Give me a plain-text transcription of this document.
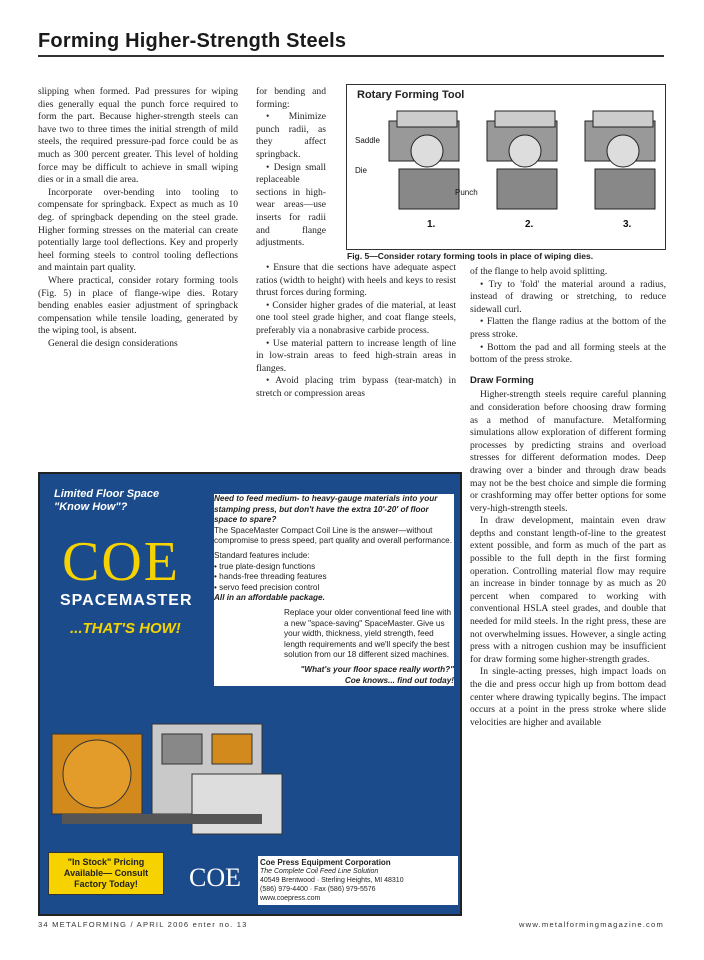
Forming Higher-Strength Steels

slipping when formed. Pad pressures for wiping dies generally equal the punch force required to form the part. Because higher-strength steels can have two to three times the initial strength of mild steels, the required pressure-pad force could be as much as 300 percent greater. This level of holding force may be difficult to achieve in small wiping dies or in a small die area.

Incorporate over-bending into tooling to compensate for springback. Expect as much as 10 deg. of springback depending on the steel grade. Higher forming stresses on the material can create potentially large tool deflections. Key and properly heel forming steels to control tooling deflections and maintain part quality.

Where practical, consider rotary forming tools (Fig. 5) in place of flange-wipe dies. Rotary bending enables easier adjustment of springback compensation while tensile loading, generated by the wiping tool, is absent.

General die design considerations

for bending and forming:

• Minimize punch radii, as they affect springback.

• Design small replaceable sections in high-wear areas—use inserts for radii and flange adjustments.

• Ensure that die sections have adequate aspect ratios (width to height) with heels and keys to resist thrust forces during forming.

• Consider higher grades of die material, at least one tool steel grade higher, and coat flange steels, preferably via a nonabrasive carbide process.

• Use material pattern to increase length of line in low-strain areas to feed high-strain areas in flanges.

• Avoid placing trim bypass (tear-match) in stretch or compression areas

Rotary Forming Tool
Saddle
Die
Punch
1.	2.	3.
Fig. 5—Consider rotary forming tools in place of wiping dies.

of the flange to help avoid splitting.

• Try to 'fold' the material around a radius, instead of drawing or stretching, to reduce sidewall curl.

• Flatten the flange radius at the bottom of the press stroke.

• Bottom the pad and all forming steels at the bottom of the press stroke.

Draw Forming

Higher-strength steels require careful planning and consideration before choosing draw forming as a method of manufacture. Metalforming simulations allow exploration of different forming processes by predicting strains and overload stresses for different deformation modes. Deep drawing over a binder and through draw beads may not be the best choice and simple die forming or crashforming may offer better options for some very-high-strength steels.

In draw development, maintain even draw depths and constant length-of-line to the greatest extent possible, and form as much of the part as possible to the full depth in the first forming operation. Controlling material flow may require an increase in binder tonnage by as much as 20 percent when compared to working with conventional HSLA steel grades, and double that needed for mild steels. In the right press, these are not overwhelming issues. However, a single acting press with a nitrogen cushion may be insufficient for draw forming some higher-strength grades.

In single-acting presses, high impact loads on the die and press occur high up from bottom dead center where drawing typically begins. The impact occurs at a point in the press stroke where slide velocities are higher and available

Limited Floor Space
"Know How"?
COE
SPACEMASTER
...THAT'S HOW!
Need to feed medium- to heavy-gauge materials into your stamping press, but don't have the extra 10'-20' of floor space to spare?
The SpaceMaster Compact Coil Line is the answer—without compromise to press speed, part quality and overall performance.
Standard features include:
• true plate-design functions
• hands-free threading features
• servo feed precision control
All in an affordable package.
Replace your older conventional feed line with a new "space-saving" SpaceMaster. Give us your width, thickness, yield strength, feed length requirements and we'll specify the best solution from our 18 different sized machines.
"What's your floor space really worth?"
Coe knows... find out today!
"In Stock" Pricing Available— Consult Factory Today!	COE
Coe Press Equipment Corporation
The Complete Coil Feed Line Solution
40549 Brentwood · Sterling Heights, MI 48310
(586) 979-4400 · Fax (586) 979-5576
www.coepress.com
34 METALFORMING / APRIL 2006 enter no. 13	www.metalformingmagazine.com
